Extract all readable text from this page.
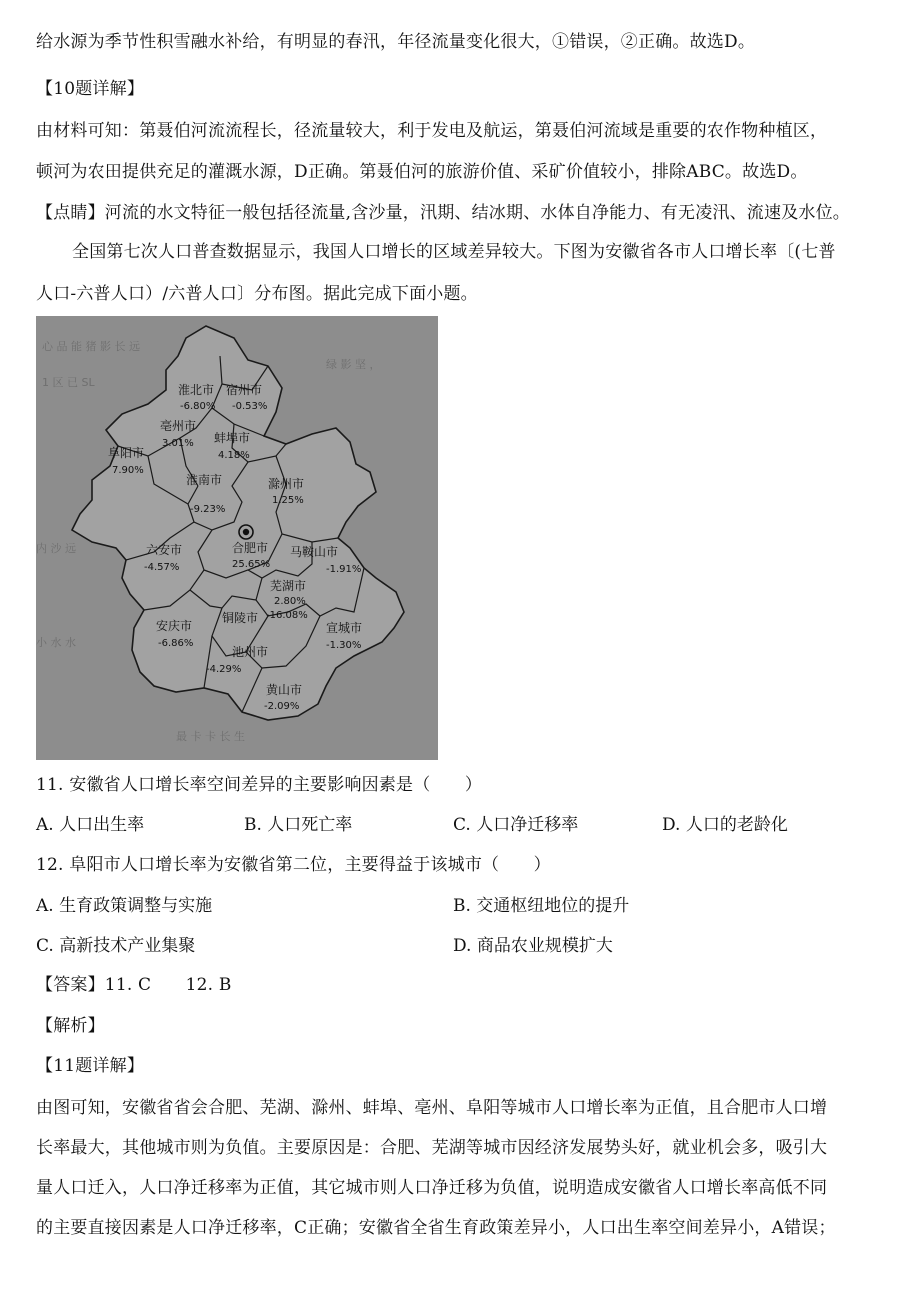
给水源为季节性积雪融水补给，有明显的春汛，年径流量变化很大，①错误，②正确。故选D。
【10题详解】
由材料可知：第聂伯河流流程长，径流量较大，利于发电及航运，第聂伯河流域是重要的农作物种植区，
顿河为农田提供充足的灌溉水源，D正确。第聂伯河的旅游价值、采矿价值较小，排除ABC。故选D。
【点睛】河流的水文特征一般包括径流量,含沙量，汛期、结冰期、水体自净能力、有无凌汛、流速及水位。
全国第七次人口普查数据显示，我国人口增长的区域差异较大。下图为安徽省各市人口增长率〔(七普
人口-六普人口）/六普人口〕分布图。据此完成下面小题。
心 品 能 猪 影 长 远
1 区 已 SL
绿 影 坚 ，
内 沙 远
小 水 水
最 卡 卡 长 生
淮北市
-6.80%
宿州市
-0.53%
亳州市
3.01% 蚌埠市
4.18%
阜阳市
7.90%
淮南市
-9.23%
滁州市
1.25%
六安市
-4.57%
合肥市
25.65%
马鞍山市
-1.91%
芜湖市
2.80%
铜陵市 -16.08%
安庆市
-6.86%
宣城市
-1.30%
池州市
-4.29%
黄山市
-2.09%
11. 安徽省人口增长率空间差异的主要影响因素是（　　）
A. 人口出生率	B. 人口死亡率	C. 人口净迁移率	D. 人口的老龄化
12. 阜阳市人口增长率为安徽省第二位，主要得益于该城市（　　）
A. 生育政策调整与实施	B. 交通枢纽地位的提升
C. 高新技术产业集聚	D. 商品农业规模扩大
【答案】11. C　　12. B
【解析】
【11题详解】
由图可知，安徽省省会合肥、芜湖、滁州、蚌埠、亳州、阜阳等城市人口增长率为正值，且合肥市人口增
长率最大，其他城市则为负值。主要原因是：合肥、芜湖等城市因经济发展势头好，就业机会多，吸引大
量人口迁入，人口净迁移率为正值，其它城市则人口净迁移为负值，说明造成安徽省人口增长率高低不同
的主要直接因素是人口净迁移率，C正确；安徽省全省生育政策差异小，人口出生率空间差异小，A错误；
